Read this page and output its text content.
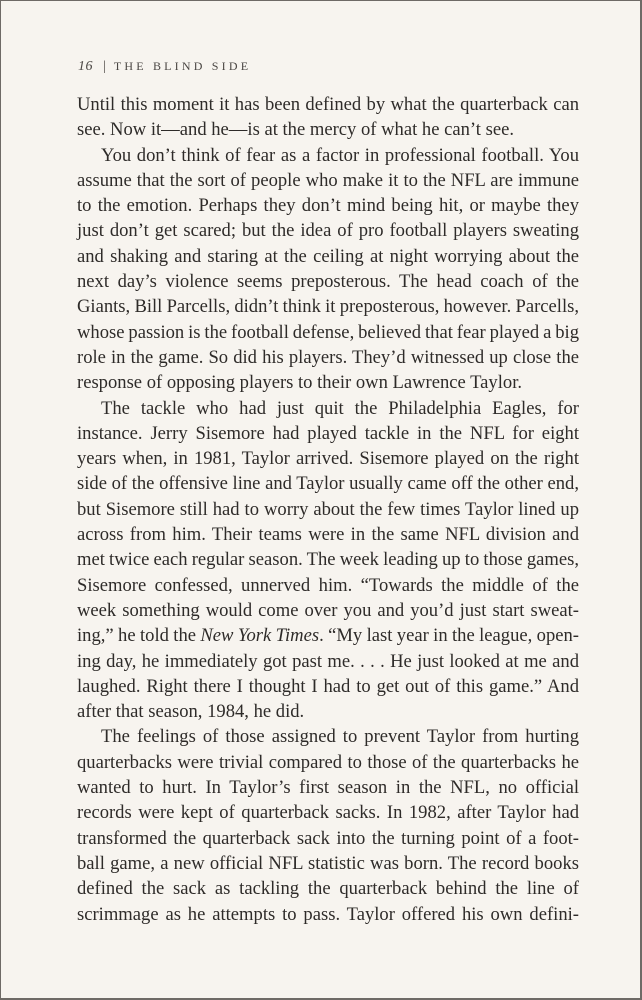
16 | THE BLIND SIDE
Until this moment it has been defined by what the quarterback can
see. Now it—and he—is at the mercy of what he can’t see.
You don’t think of fear as a factor in professional football. You
assume that the sort of people who make it to the NFL are immune
to the emotion. Perhaps they don’t mind being hit, or maybe they
just don’t get scared; but the idea of pro football players sweating
and shaking and staring at the ceiling at night worrying about the
next day’s violence seems preposterous. The head coach of the
Giants, Bill Parcells, didn’t think it preposterous, however. Parcells,
whose passion is the football defense, believed that fear played a big
role in the game. So did his players. They’d witnessed up close the
response of opposing players to their own Lawrence Taylor.
The tackle who had just quit the Philadelphia Eagles, for
instance. Jerry Sisemore had played tackle in the NFL for eight
years when, in 1981, Taylor arrived. Sisemore played on the right
side of the offensive line and Taylor usually came off the other end,
but Sisemore still had to worry about the few times Taylor lined up
across from him. Their teams were in the same NFL division and
met twice each regular season. The week leading up to those games,
Sisemore confessed, unnerved him. “Towards the middle of the
week something would come over you and you’d just start sweat-
ing,” he told the New York Times. “My last year in the league, open-
ing day, he immediately got past me. . . . He just looked at me and
laughed. Right there I thought I had to get out of this game.” And
after that season, 1984, he did.
The feelings of those assigned to prevent Taylor from hurting
quarterbacks were trivial compared to those of the quarterbacks he
wanted to hurt. In Taylor’s first season in the NFL, no official
records were kept of quarterback sacks. In 1982, after Taylor had
transformed the quarterback sack into the turning point of a foot-
ball game, a new official NFL statistic was born. The record books
defined the sack as tackling the quarterback behind the line of
scrimmage as he attempts to pass. Taylor offered his own defini-
